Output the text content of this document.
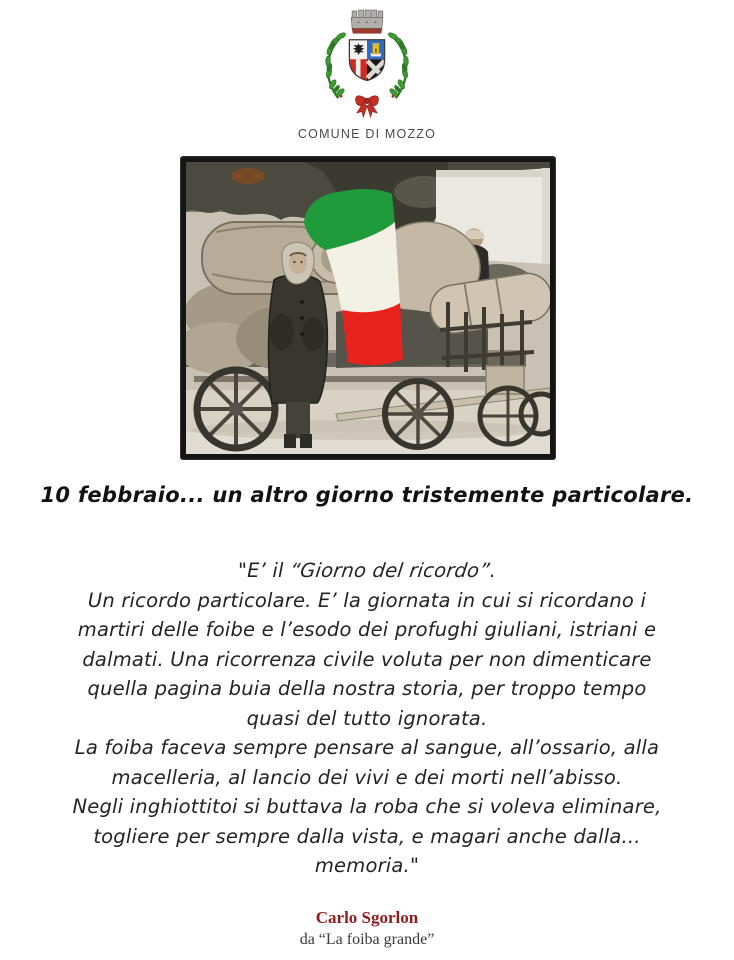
COMUNE DI MOZZO
10 febbraio... un altro giorno tristemente particolare.

"E’ il “Giorno del ricordo”.

Un ricordo particolare. E’ la giornata in cui si ricordano i

martiri delle foibe e l’esodo dei profughi giuliani, istriani e

dalmati. Una ricorrenza civile voluta per non dimenticare

quella pagina buia della nostra storia, per troppo tempo

quasi del tutto ignorata.

La foiba faceva sempre pensare al sangue, all’ossario, alla

macelleria, al lancio dei vivi e dei morti nell’abisso.

Negli inghiottitoi si buttava la roba che si voleva eliminare,

togliere per sempre dalla vista, e magari anche dalla...

memoria."

Carlo Sgorlon
da “La foiba grande”
